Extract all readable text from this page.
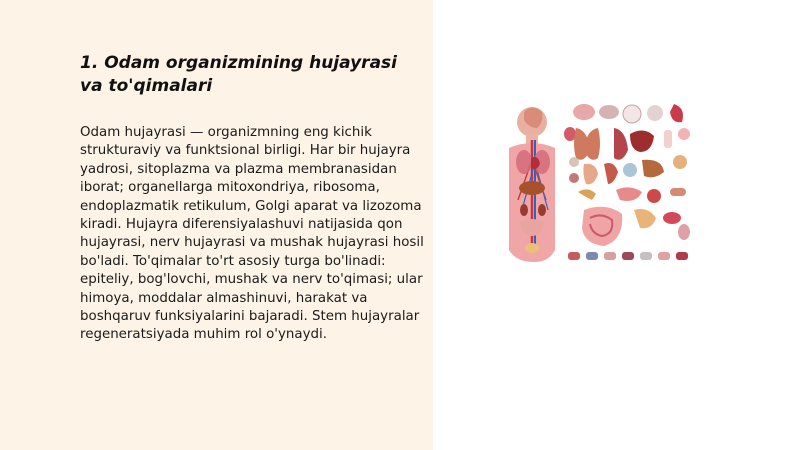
1. Odam organizmining hujayrasi va to'qimalari

Odam hujayrasi — organizmning eng kichik strukturaviy va funktsional birligi. Har bir hujayra yadrosi, sitoplazma va plazma membranasidan iborat; organellarga mitoxondriya, ribosoma, endoplazmatik retikulum, Golgi aparat va lizozoma kiradi. Hujayra diferensiyalashuvi natijasida qon hujayrasi, nerv hujayrasi va mushak hujayrasi hosil bo'ladi. To'qimalar to'rt asosiy turga bo'linadi: epiteliy, bog'lovchi, mushak va nerv to'qimasi; ular himoya, moddalar almashinuvi, harakat va boshqaruv funksiyalarini bajaradi. Stem hujayralar regeneratsiyada muhim rol o'ynaydi.
